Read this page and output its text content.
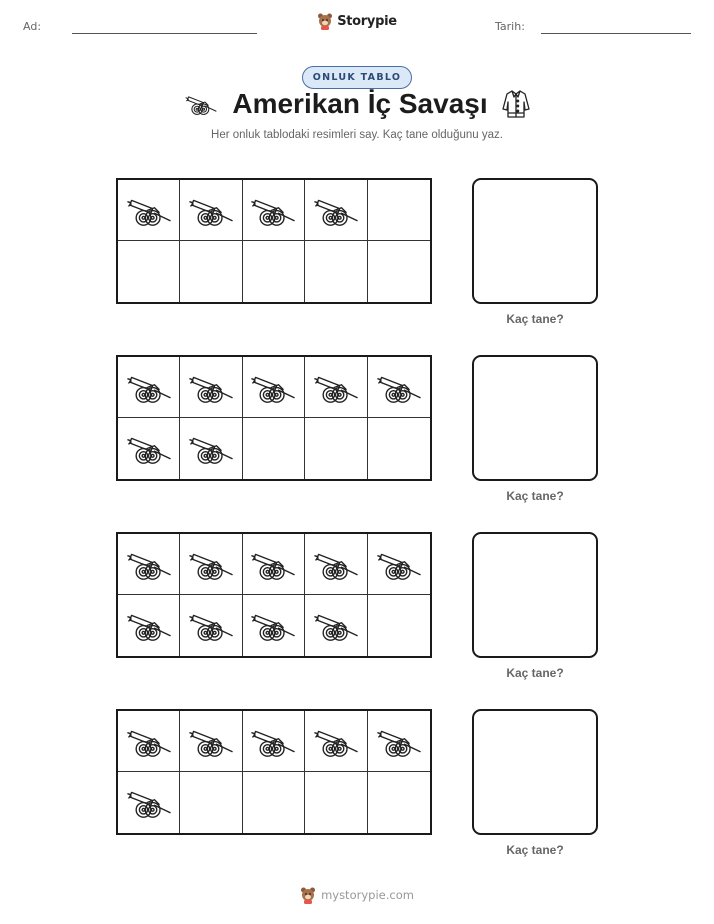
Ad:	Storypie	Tarih:
ONLUK TABLO
Amerikan İç Savaşı
Her onluk tablodaki resimleri say. Kaç tane olduğunu yaz.
Kaç tane?
Kaç tane?
Kaç tane?
Kaç tane?
mystorypie.com
